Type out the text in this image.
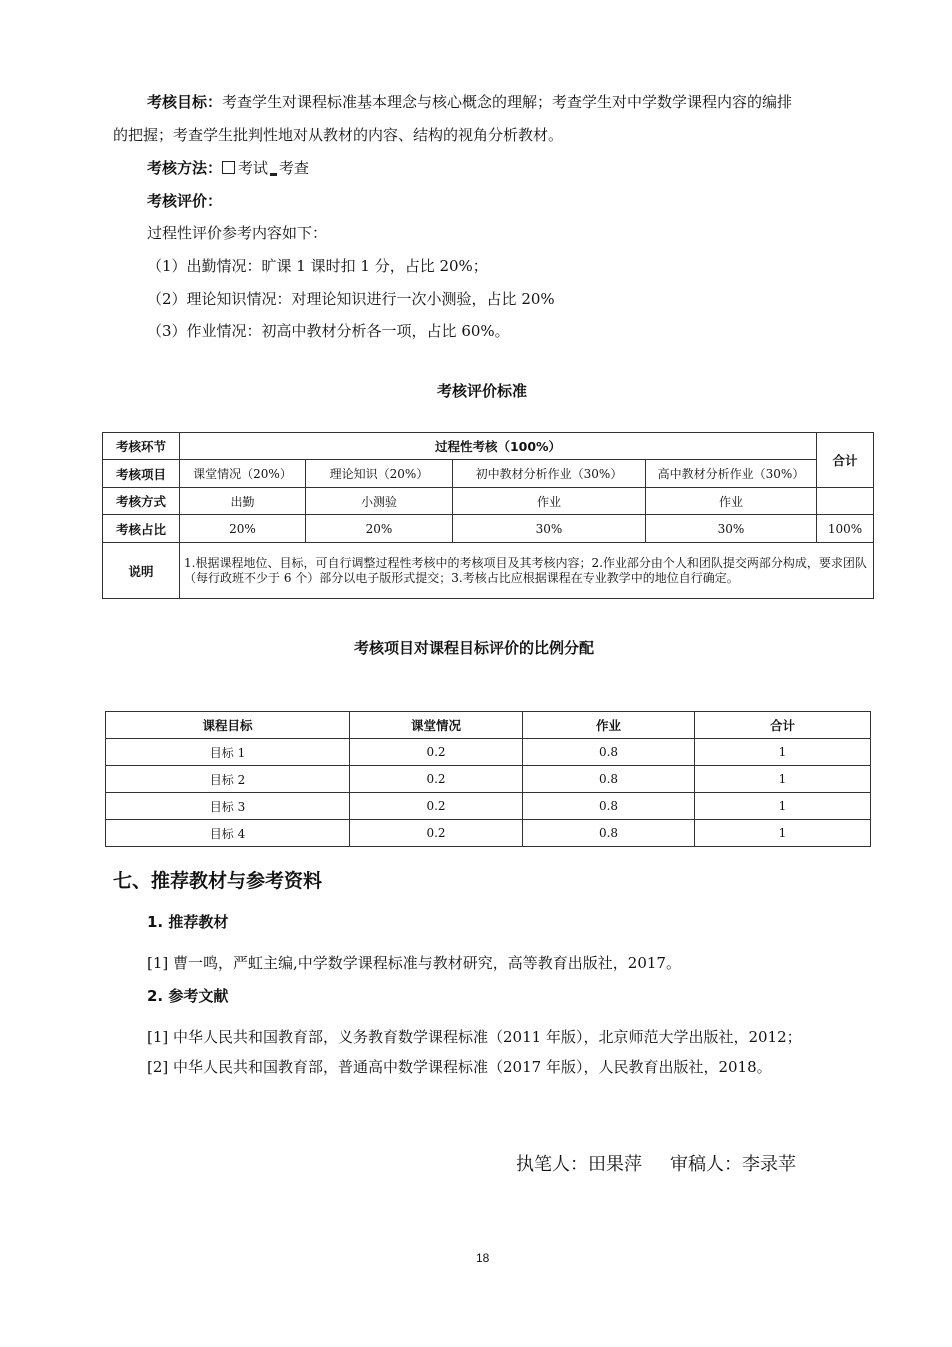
考核目标：考查学生对课程标准基本理念与核心概念的理解；考查学生对中学数学课程内容的编排
的把握；考查学生批判性地对从教材的内容、结构的视角分析教材。
考核方法： 考试 考查
考核评价：
过程性评价参考内容如下：
（1）出勤情况：旷课 1 课时扣 1 分，占比 20%；
（2）理论知识情况：对理论知识进行一次小测验，占比 20%
（3）作业情况：初高中教材分析各一项，占比 60%。
考核评价标准
考核环节	过程性考核（100%）				合计
考核项目	课堂情况（20%）	理论知识（20%）	初中教材分析作业（30%）	高中教材分析作业（30%）	
考核方式	出勤	小测验	作业	作业	
考核占比	20%	20%	30%	30%	100%
说明	1.根据课程地位、目标，可自行调整过程性考核中的考核项目及其考核内容；2.作业部分由个人和团队提交两部分构成，要求团队（每行政班不少于 6 个）部分以电子版形式提交；3.考核占比应根据课程在专业教学中的地位自行确定。				
考核项目对课程目标评价的比例分配
课程目标	课堂情况	作业	合计
目标 1	0.2	0.8	1
目标 2	0.2	0.8	1
目标 3	0.2	0.8	1
目标 4	0.2	0.8	1
七、推荐教材与参考资料
1. 推荐教材
[1] 曹一鸣，严虹主编,中学数学课程标准与教材研究，高等教育出版社，2017。
2. 参考文献
[1] 中华人民共和国教育部，义务教育数学课程标准（2011 年版），北京师范大学出版社，2012；
[2] 中华人民共和国教育部，普通高中数学课程标准（2017 年版），人民教育出版社，2018。
执笔人：田果萍 审稿人：李录苹
18
